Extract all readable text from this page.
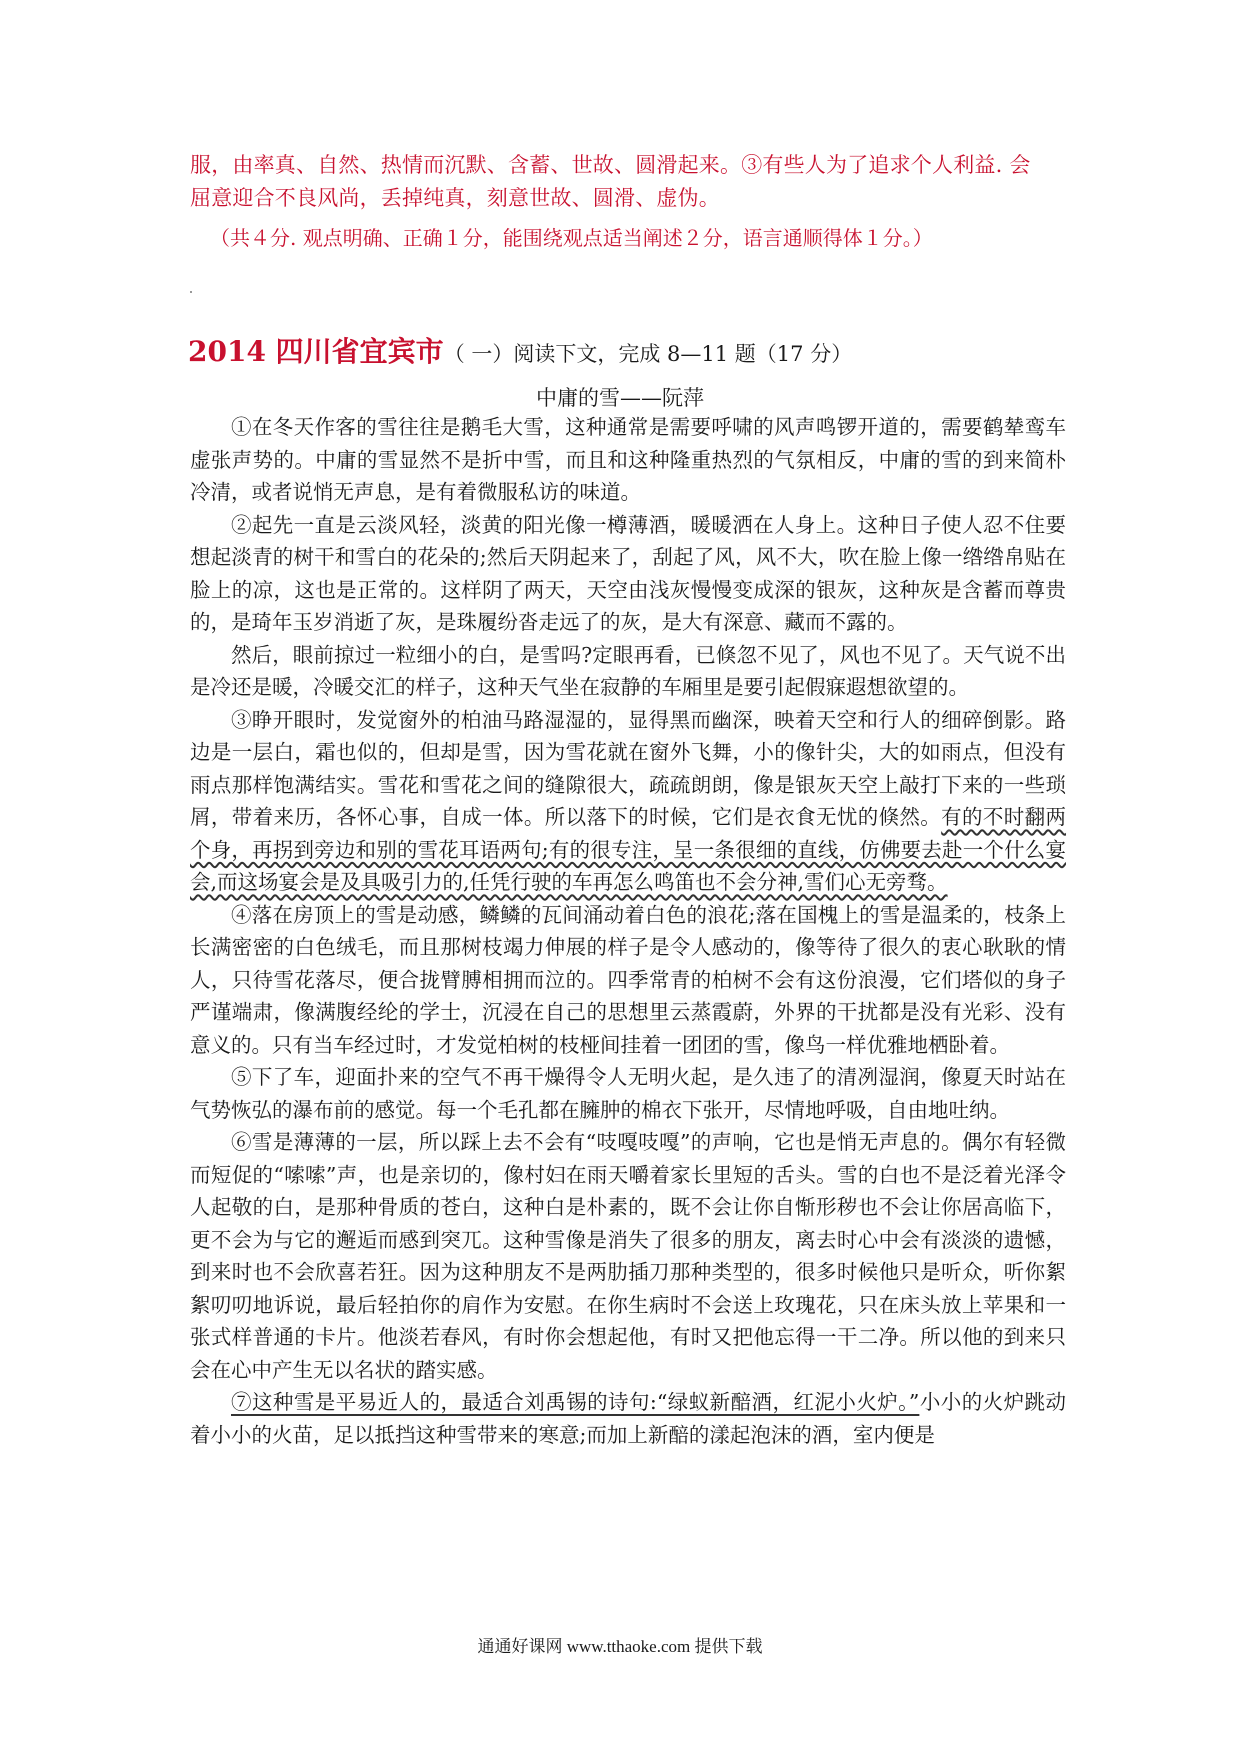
服，由率真、自然、热情而沉默、含蓄、世故、圆滑起来。③有些人为了追求个人利益. 会
屈意迎合不良风尚，丢掉纯真，刻意世故、圆滑、虚伪。
（共４分. 观点明确、正确１分，能围绕观点适当阐述２分，语言通顺得体１分。）
2014 四川省宜宾市（ 一）阅读下文，完成 8—11 题（17 分）
中庸的雪——阮萍

①在冬天作客的雪往往是鹅毛大雪，这种通常是需要呼啸的风声鸣锣开道的，需要鹤辇鸾车虚张声势的。中庸的雪显然不是折中雪，而且和这种隆重热烈的气氛相反，中庸的雪的到来简朴冷清，或者说悄无声息，是有着微服私访的味道。

②起先一直是云淡风轻，淡黄的阳光像一樽薄酒，暖暖洒在人身上。这种日子使人忍不住要想起淡青的树干和雪白的花朵的;然后天阴起来了，刮起了风，风不大，吹在脸上像一绺绺帛贴在脸上的凉，这也是正常的。这样阴了两天，天空由浅灰慢慢变成深的银灰，这种灰是含蓄而尊贵的，是琦年玉岁消逝了灰，是珠履纷沓走远了的灰，是大有深意、藏而不露的。

然后，眼前掠过一粒细小的白，是雪吗?定眼再看，已倏忽不见了，风也不见了。天气说不出是冷还是暖，冷暖交汇的样子，这种天气坐在寂静的车厢里是要引起假寐遐想欲望的。

③睁开眼时，发觉窗外的柏油马路湿湿的，显得黑而幽深，映着天空和行人的细碎倒影。路边是一层白，霜也似的，但却是雪，因为雪花就在窗外飞舞，小的像针尖，大的如雨点，但没有雨点那样饱满结实。雪花和雪花之间的缝隙很大，疏疏朗朗，像是银灰天空上敲打下来的一些琐屑，带着来历，各怀心事，自成一体。所以落下的时候，它们是衣食无忧的倏然。有的不时翻两个身，再拐到旁边和别的雪花耳语两句;有的很专注，呈一条很细的直线，仿佛要去赴一个什么宴会,而这场宴会是及具吸引力的,任凭行驶的车再怎么鸣笛也不会分神,雪们心无旁骛。

④落在房顶上的雪是动感，鳞鳞的瓦间涌动着白色的浪花;落在国槐上的雪是温柔的，枝条上长满密密的白色绒毛，而且那树枝竭力伸展的样子是令人感动的，像等待了很久的衷心耿耿的情人，只待雪花落尽，便合拢臂膊相拥而泣的。四季常青的柏树不会有这份浪漫，它们塔似的身子严谨端肃，像满腹经纶的学士，沉浸在自己的思想里云蒸霞蔚，外界的干扰都是没有光彩、没有意义的。只有当车经过时，才发觉柏树的枝桠间挂着一团团的雪，像鸟一样优雅地栖卧着。

⑤下了车，迎面扑来的空气不再干燥得令人无明火起，是久违了的清冽湿润，像夏天时站在气势恢弘的瀑布前的感觉。每一个毛孔都在臃肿的棉衣下张开，尽情地呼吸，自由地吐纳。

⑥雪是薄薄的一层，所以踩上去不会有“吱嘎吱嘎”的声响，它也是悄无声息的。偶尔有轻微而短促的“嗦嗦”声，也是亲切的，像村妇在雨天嚼着家长里短的舌头。雪的白也不是泛着光泽令人起敬的白，是那种骨质的苍白，这种白是朴素的，既不会让你自惭形秽也不会让你居高临下，更不会为与它的邂逅而感到突兀。这种雪像是消失了很多的朋友，离去时心中会有淡淡的遗憾，到来时也不会欣喜若狂。因为这种朋友不是两肋插刀那种类型的，很多时候他只是听众，听你絮絮叨叨地诉说，最后轻拍你的肩作为安慰。在你生病时不会送上玫瑰花，只在床头放上苹果和一张式样普通的卡片。他淡若春风，有时你会想起他，有时又把他忘得一干二净。所以他的到来只会在心中产生无以名状的踏实感。

⑦这种雪是平易近人的，最适合刘禹锡的诗句:“绿蚁新醅酒，红泥小火炉。”小小的火炉跳动着小小的火苗，足以抵挡这种雪带来的寒意;而加上新醅的漾起泡沫的酒，室内便是

通通好课网 www.tthaoke.com 提供下载
